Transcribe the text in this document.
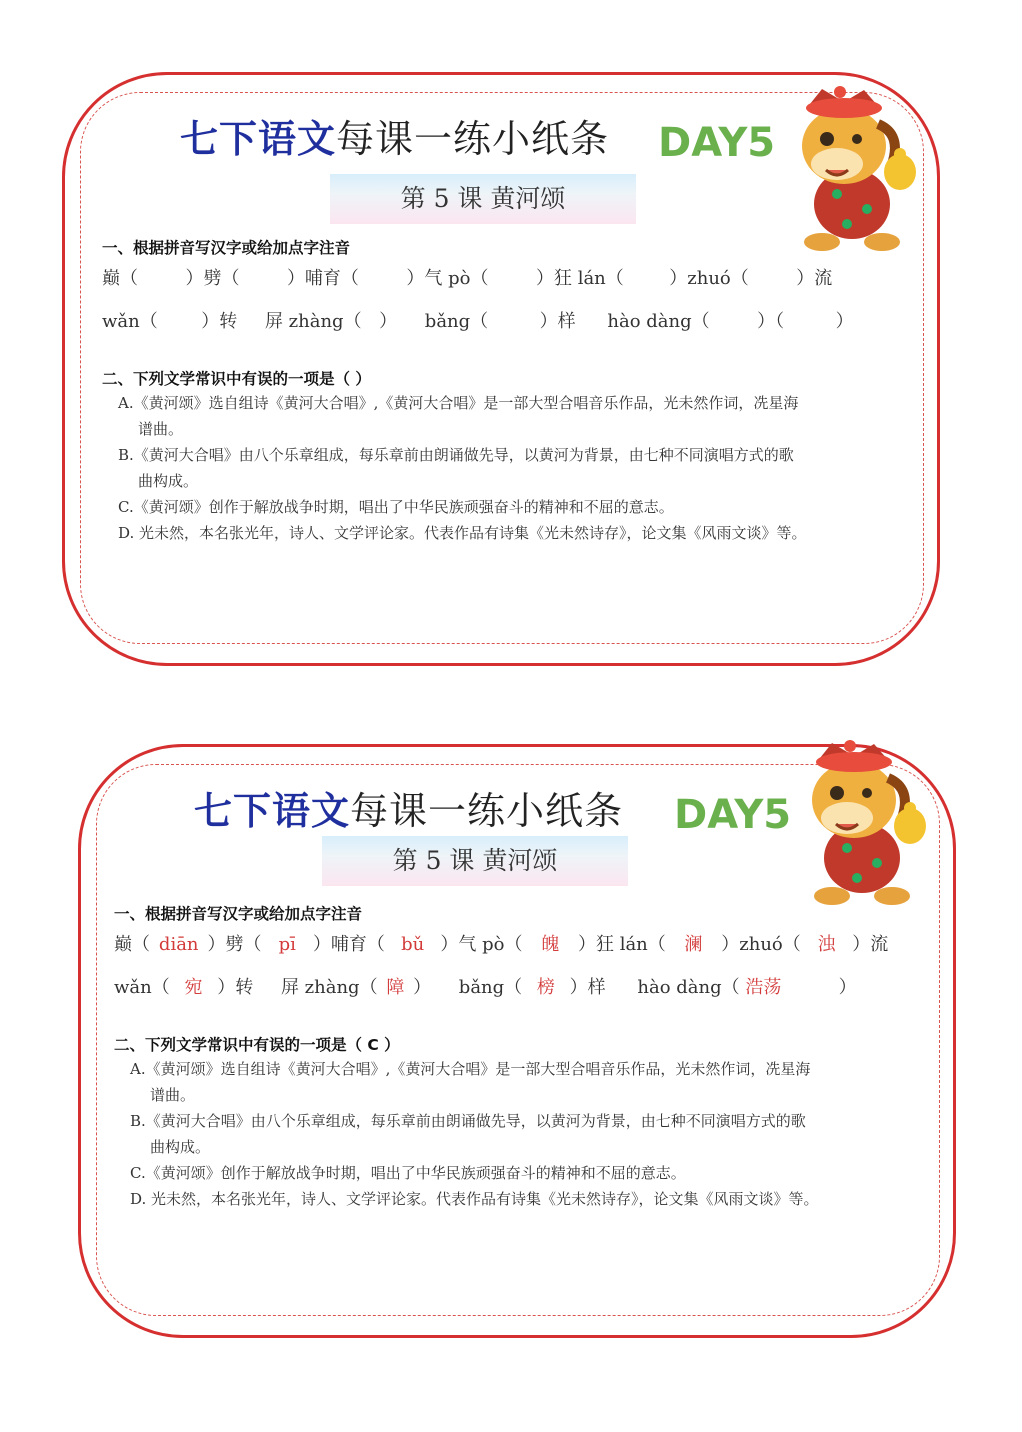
七下语文每课一练小纸条 DAY5
第 5 课 黄河颂
一、根据拼音写汉字或给加点字注音
巅（	）劈（	）哺育（	）气 pò（	）狂 lán（	）zhuó（	）流
wǎn（ ）转 屏 zhàng（ ） bǎng（	）样 hào dàng（	）（	）
二、下列文学常识中有误的一项是（ ）
A.《黄河颂》选自组诗《黄河大合唱》,《黄河大合唱》是一部大型合唱音乐作品，光未然作词，冼星海
谱曲。
B.《黄河大合唱》由八个乐章组成，每乐章前由朗诵做先导，以黄河为背景，由七种不同演唱方式的歌
曲构成。
C.《黄河颂》创作于解放战争时期，唱出了中华民族顽强奋斗的精神和不屈的意志。
D. 光未然，本名张光年，诗人、文学评论家。代表作品有诗集《光未然诗存》，论文集《风雨文谈》等。
七下语文每课一练小纸条 DAY5
第 5 课 黄河颂
一、根据拼音写汉字或给加点字注音
巅（ diān ）劈（ pī ）哺育（ bǔ ）气 pò（ 魄 ）狂 lán（ 澜 ）zhuó（ 浊 ）流
wǎn（ 宛 ）转 屏 zhàng（ 障 ） bǎng（ 榜 ）样 hào dàng（ 浩荡	）
二、下列文学常识中有误的一项是（ C ）
A.《黄河颂》选自组诗《黄河大合唱》,《黄河大合唱》是一部大型合唱音乐作品，光未然作词，冼星海
谱曲。
B.《黄河大合唱》由八个乐章组成，每乐章前由朗诵做先导，以黄河为背景，由七种不同演唱方式的歌
曲构成。
C.《黄河颂》创作于解放战争时期，唱出了中华民族顽强奋斗的精神和不屈的意志。
D. 光未然，本名张光年，诗人、文学评论家。代表作品有诗集《光未然诗存》，论文集《风雨文谈》等。
